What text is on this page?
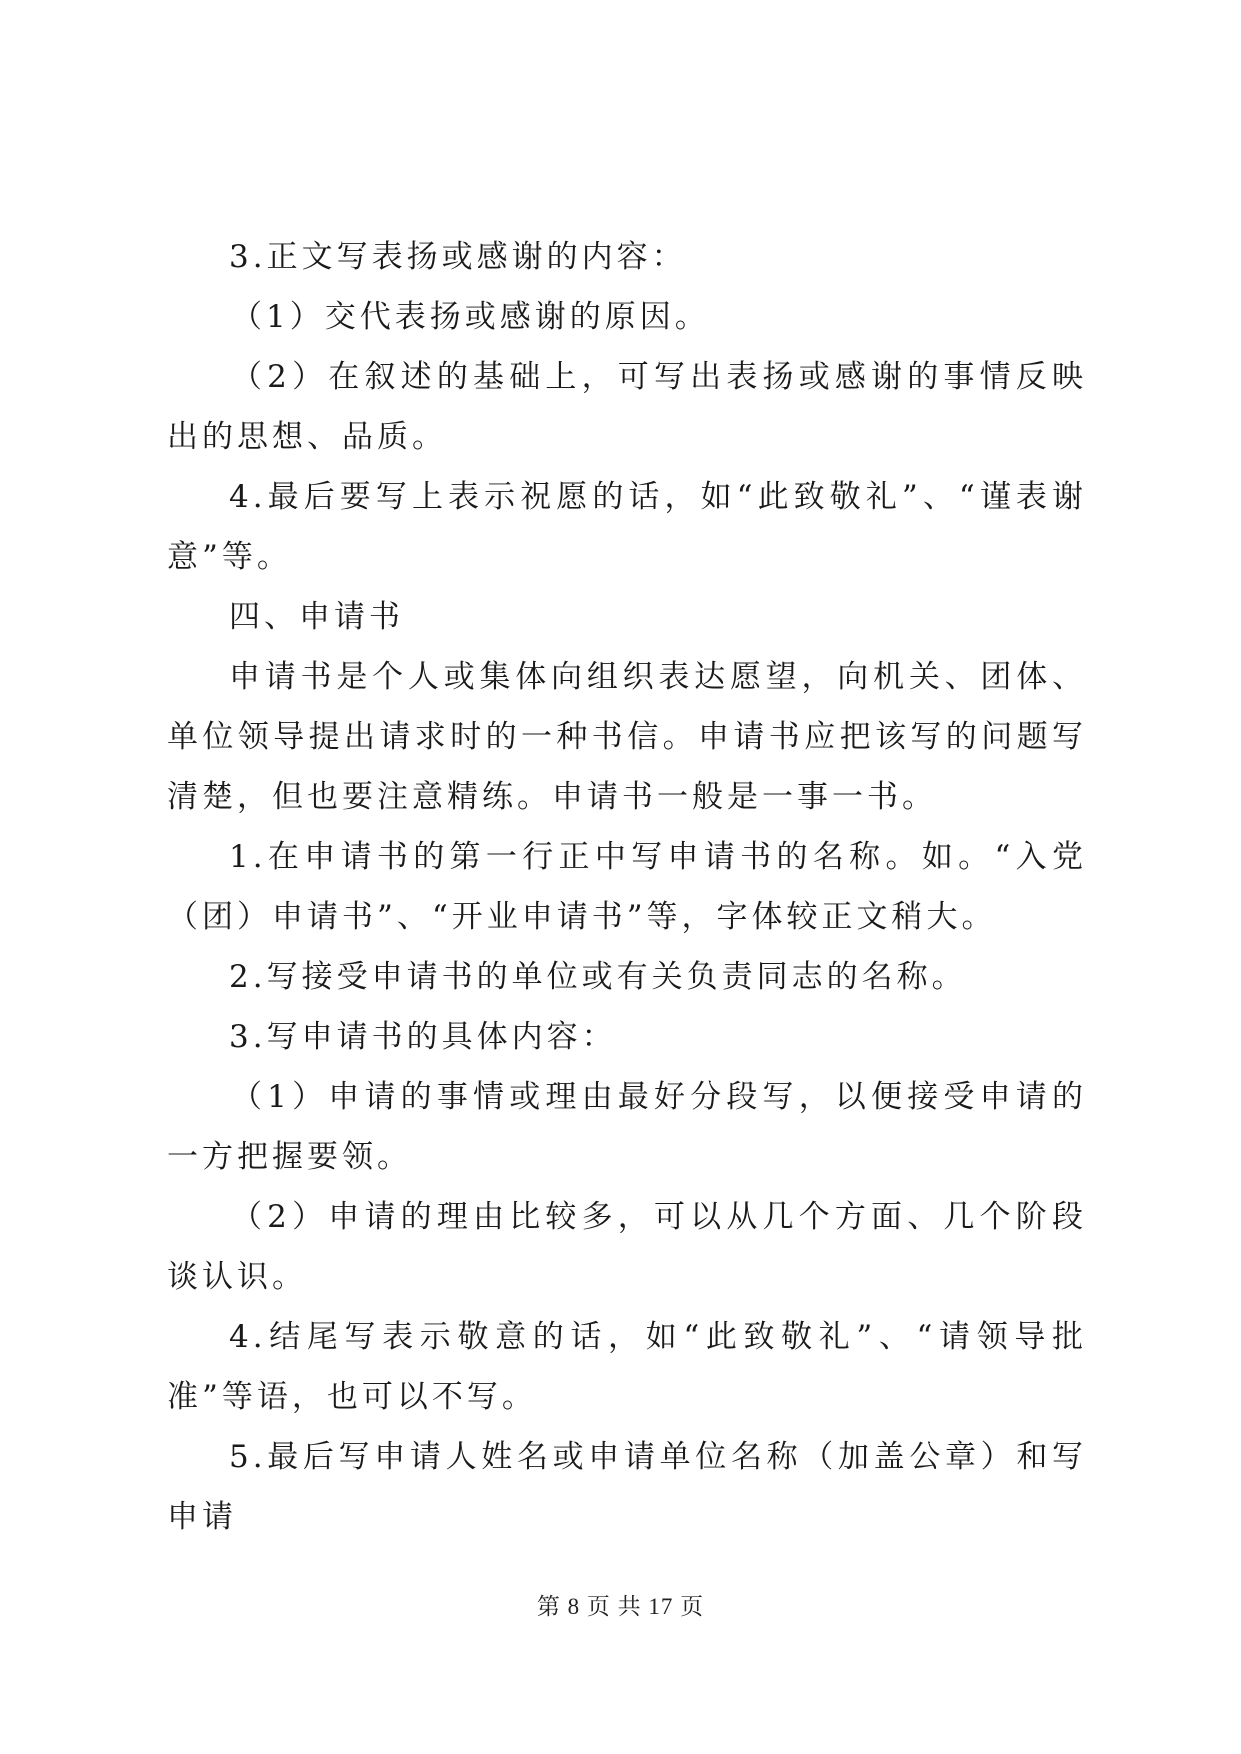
3.正文写表扬或感谢的内容：

（1）交代表扬或感谢的原因。

（2）在叙述的基础上，可写出表扬或感谢的事情反映出的思想、品质。

4.最后要写上表示祝愿的话，如“此致敬礼”、“谨表谢意”等。

四、申请书

申请书是个人或集体向组织表达愿望，向机关、团体、单位领导提出请求时的一种书信。申请书应把该写的问题写清楚，但也要注意精练。申请书一般是一事一书。

1.在申请书的第一行正中写申请书的名称。如。“入党（团）申请书”、“开业申请书”等，字体较正文稍大。

2.写接受申请书的单位或有关负责同志的名称。

3.写申请书的具体内容：

（1）申请的事情或理由最好分段写，以便接受申请的一方把握要领。

（2）申请的理由比较多，可以从几个方面、几个阶段谈认识。

4.结尾写表示敬意的话，如“此致敬礼”、“请领导批准”等语，也可以不写。

5.最后写申请人姓名或申请单位名称（加盖公章）和写申请

第 8 页 共 17 页
